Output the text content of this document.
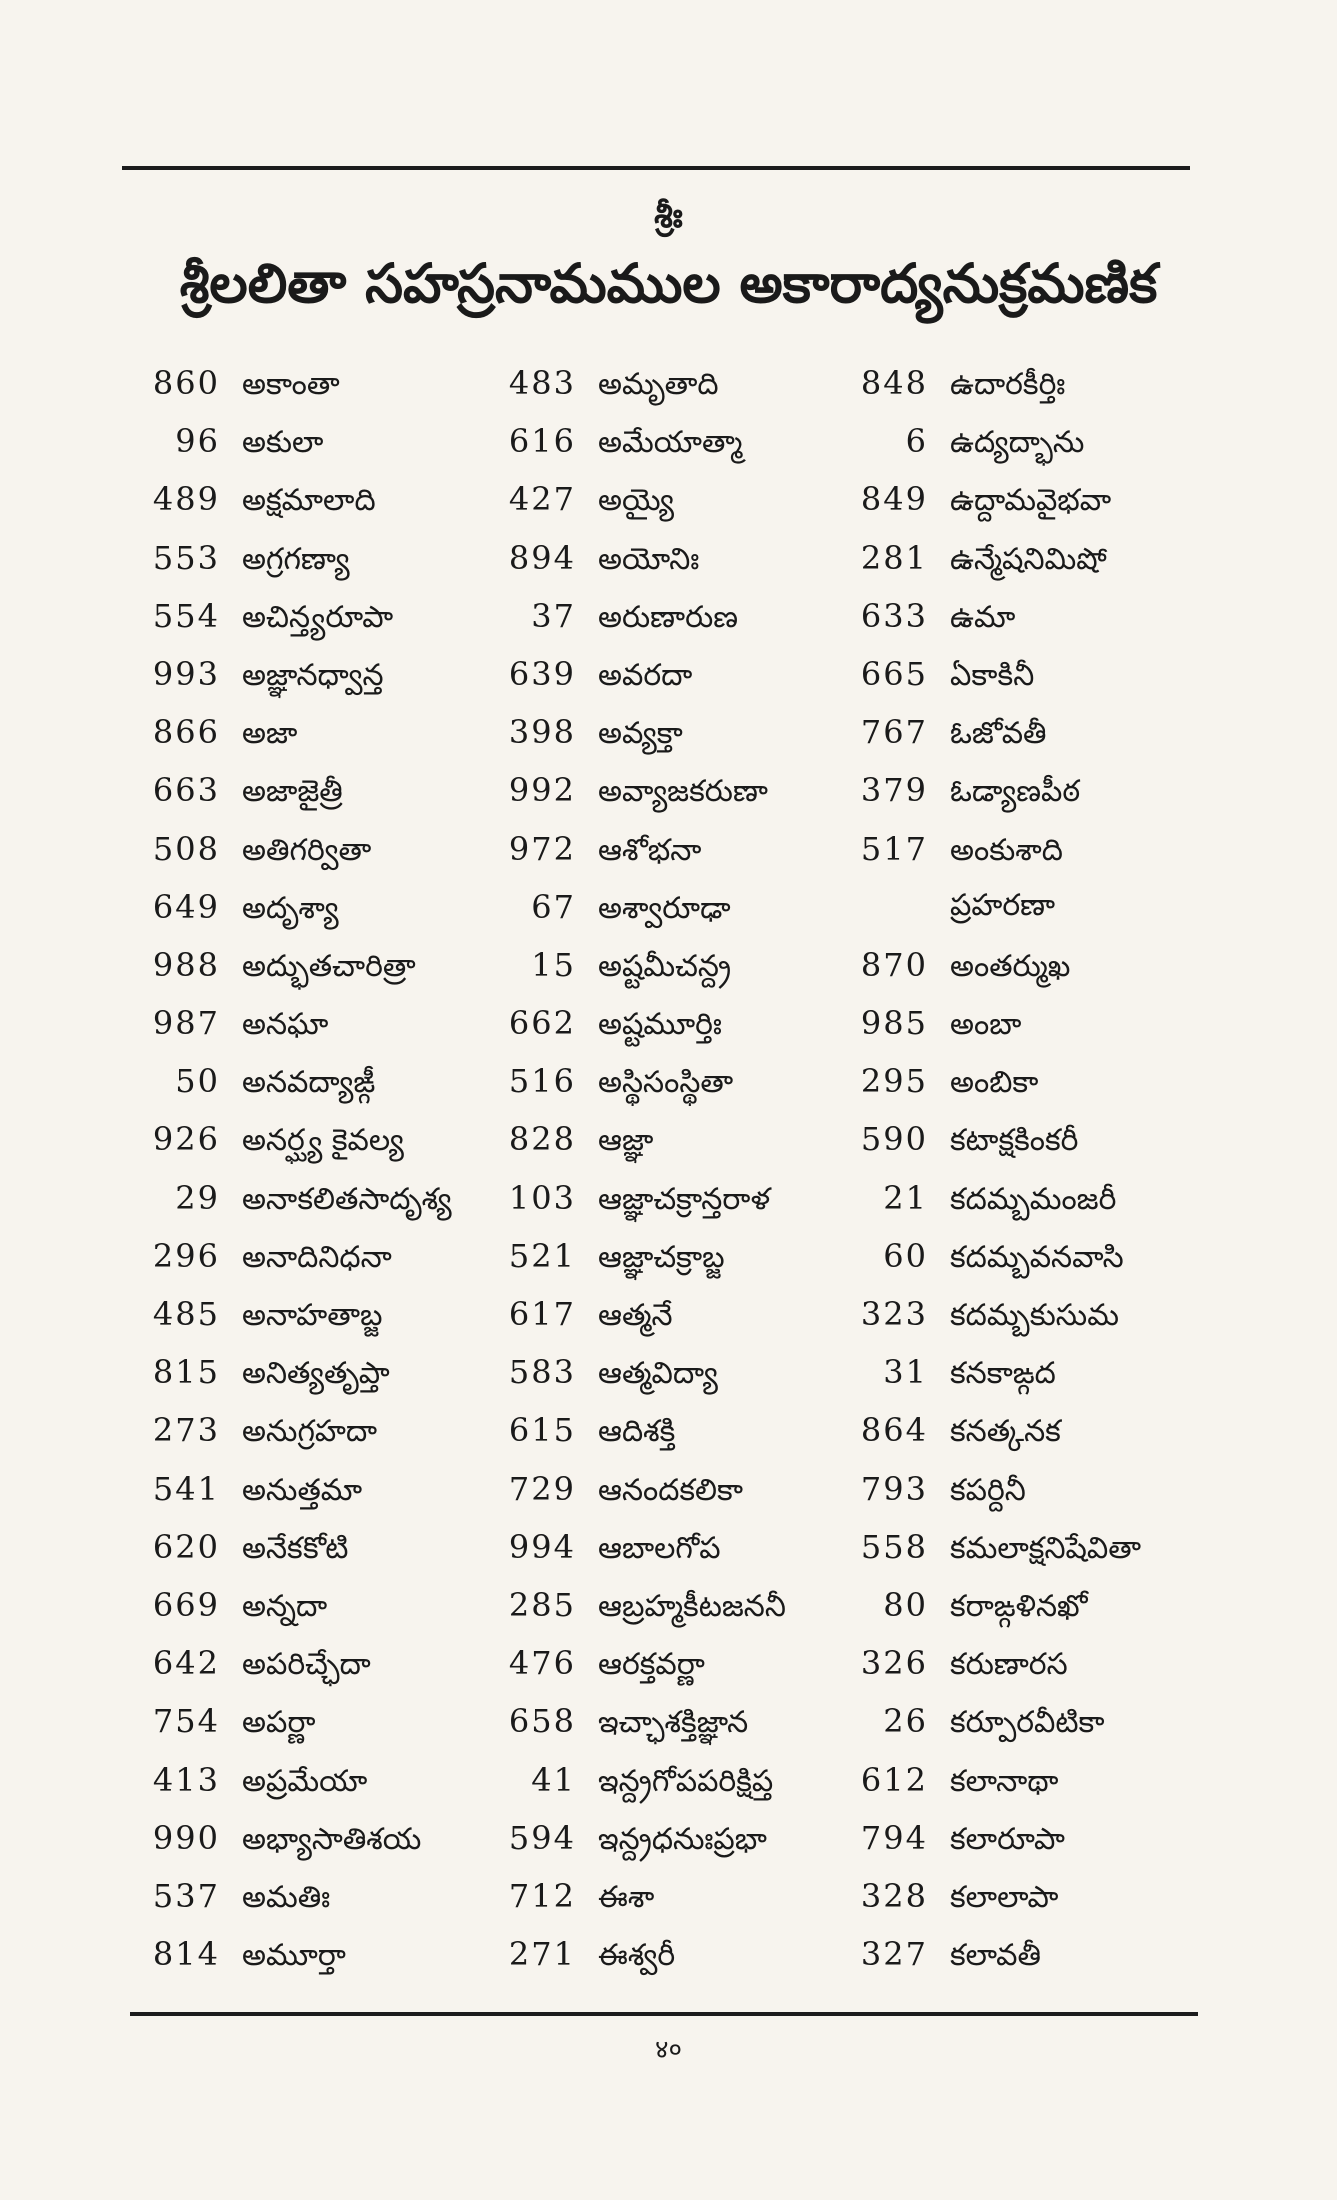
శ్రీః
శ్రీలలితా సహస్రనామముల అకారాద్యనుక్రమణిక
860 అకాంతా
96 అకులా
489 అక్షమాలాది
553 అగ్రగణ్యా
554 అచిన్త్యరూపా
993 అజ్ఞానధ్వాన్త
866 అజా
663 అజాజైత్రీ
508 అతిగర్వితా
649 అదృశ్యా
988 అద్భుతచారిత్రా
987 అనఘా
50 అనవద్యాఙ్గీ
926 అనర్ఘ్య కైవల్య
29 అనాకలితసాదృశ్య
296 అనాదినిధనా
485 అనాహతాబ్జ
815 అనిత్యతృప్తా
273 అనుగ్రహదా
541 అనుత్తమా
620 అనేకకోటి
669 అన్నదా
642 అపరిచ్ఛేదా
754 అపర్ణా
413 అప్రమేయా
990 అభ్యాసాతిశయ
537 అమతిః
814 అమూర్తా
483 అమృతాది
616 అమేయాత్మా
427 అయ్యై
894 అయోనిః
37 అరుణారుణ
639 అవరదా
398 అవ్యక్తా
992 అవ్యాజకరుణా
972 ఆశోభనా
67 అశ్వారూఢా
15 అష్టమీచన్ద్ర
662 అష్టమూర్తిః
516 అస్థిసంస్థితా
828 ఆజ్ఞా
103 ఆజ్ఞాచక్రాన్తరాళ
521 ఆజ్ఞాచక్రాబ్జ
617 ఆత్మనే
583 ఆత్మవిద్యా
615 ఆదిశక్తి
729 ఆనందకలికా
994 ఆబాలగోప
285 ఆబ్రహ్మకీటజననీ
476 ఆరక్తవర్ణా
658 ఇచ్ఛాశక్తిజ్ఞాన
41 ఇన్ద్రగోపపరిక్షిప్త
594 ఇన్ద్రధనుఃప్రభా
712 ఈశా
271 ఈశ్వరీ
848 ఉదారకీర్తిః
6 ఉద్యద్భాను
849 ఉద్దామవైభవా
281 ఉన్మేషనిమిషో
633 ఉమా
665 ఏకాకినీ
767 ఓజోవతీ
379 ఓడ్యాణపీఠ
517 అంకుశాది
ప్రహరణా
870 అంతర్ముఖ
985 అంబా
295 అంబికా
590 కటాక్షకింకరీ
21 కదమ్బమంజరీ
60 కదమ్బవనవాసి
323 కదమ్బకుసుమ
31 కనకాఙ్గద
864 కనత్కనక
793 కపర్దినీ
558 కమలాక్షనిషేవితా
80 కరాఙ్గళినఖో
326 కరుణారస
26 కర్పూరవీటికా
612 కలానాథా
794 కలారూపా
328 కలాలాపా
327 కలావతీ
४०
